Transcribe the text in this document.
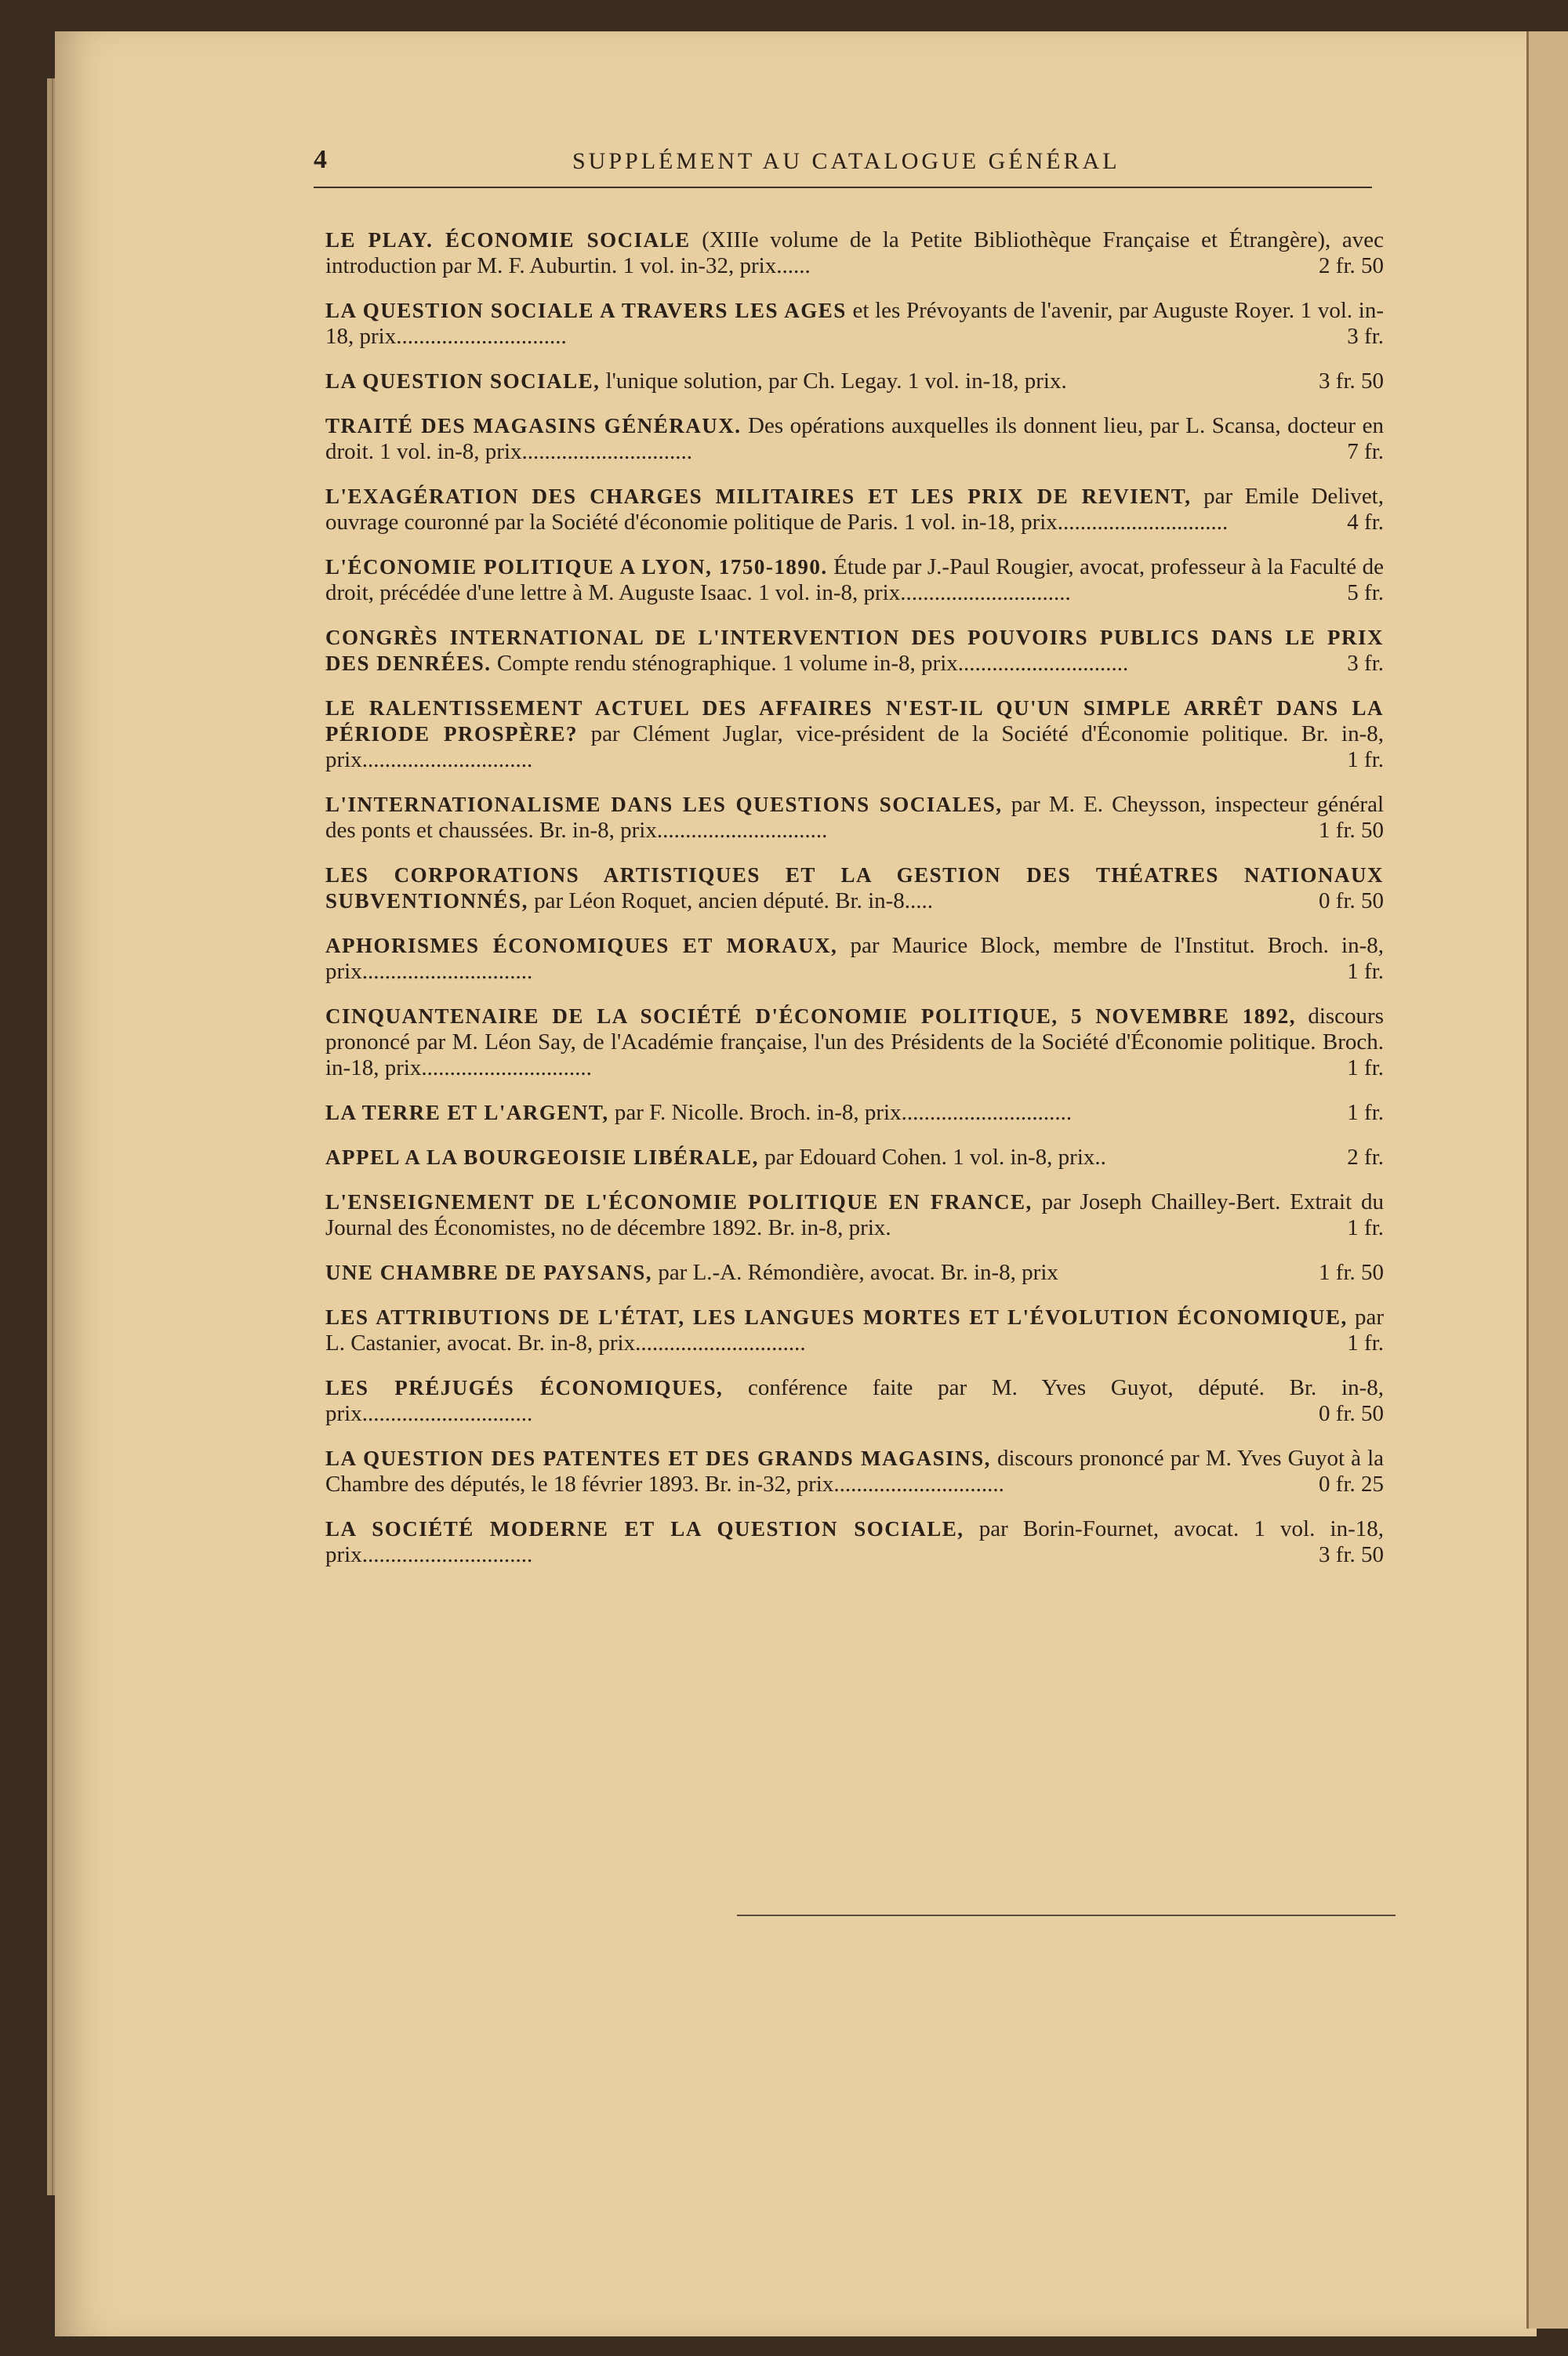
4	SUPPLÉMENT AU CATALOGUE GÉNÉRAL
LE PLAY. ÉCONOMIE SOCIALE (XIIIe volume de la Petite Bibliothèque Française et Étrangère), avec introduction par M. F. Auburtin. 1 vol. in-32, prix......	2 fr. 50
LA QUESTION SOCIALE A TRAVERS LES AGES et les Prévoyants de l'avenir, par Auguste Royer. 1 vol. in-18, prix..............................	3 fr.
LA QUESTION SOCIALE, l'unique solution, par Ch. Legay. 1 vol. in-18, prix.	3 fr. 50
TRAITÉ DES MAGASINS GÉNÉRAUX. Des opérations auxquelles ils donnent lieu, par L. Scansa, docteur en droit. 1 vol. in-8, prix..............................	7 fr.
L'EXAGÉRATION DES CHARGES MILITAIRES ET LES PRIX DE REVIENT, par Emile Delivet, ouvrage couronné par la Société d'économie politique de Paris. 1 vol. in-18, prix..............................	4 fr.
L'ÉCONOMIE POLITIQUE A LYON, 1750-1890. Étude par J.-Paul Rougier, avocat, professeur à la Faculté de droit, précédée d'une lettre à M. Auguste Isaac. 1 vol. in-8, prix..............................	5 fr.
CONGRÈS INTERNATIONAL DE L'INTERVENTION DES POUVOIRS PUBLICS DANS LE PRIX DES DENRÉES. Compte rendu sténographique. 1 volume in-8, prix..............................	3 fr.
LE RALENTISSEMENT ACTUEL DES AFFAIRES N'EST-IL QU'UN SIMPLE ARRÊT DANS LA PÉRIODE PROSPÈRE? par Clément Juglar, vice-président de la Société d'Économie politique. Br. in-8, prix..............................	1 fr.
L'INTERNATIONALISME DANS LES QUESTIONS SOCIALES, par M. E. Cheysson, inspecteur général des ponts et chaussées. Br. in-8, prix..............................	1 fr. 50
LES CORPORATIONS ARTISTIQUES ET LA GESTION DES THÉATRES NATIONAUX SUBVENTIONNÉS, par Léon Roquet, ancien député. Br. in-8.....	0 fr. 50
APHORISMES ÉCONOMIQUES ET MORAUX, par Maurice Block, membre de l'Institut. Broch. in-8, prix..............................	1 fr.
CINQUANTENAIRE DE LA SOCIÉTÉ D'ÉCONOMIE POLITIQUE, 5 NOVEMBRE 1892, discours prononcé par M. Léon Say, de l'Académie française, l'un des Présidents de la Société d'Économie politique. Broch. in-18, prix..............................	1 fr.
LA TERRE ET L'ARGENT, par F. Nicolle. Broch. in-8, prix..............................	1 fr.
APPEL A LA BOURGEOISIE LIBÉRALE, par Edouard Cohen. 1 vol. in-8, prix..	2 fr.
L'ENSEIGNEMENT DE L'ÉCONOMIE POLITIQUE EN FRANCE, par Joseph Chailley-Bert. Extrait du Journal des Économistes, no de décembre 1892. Br. in-8, prix.	1 fr.
UNE CHAMBRE DE PAYSANS, par L.-A. Rémondière, avocat. Br. in-8, prix	1 fr. 50
LES ATTRIBUTIONS DE L'ÉTAT, LES LANGUES MORTES ET L'ÉVOLUTION ÉCONOMIQUE, par L. Castanier, avocat. Br. in-8, prix..............................	1 fr.
LES PRÉJUGÉS ÉCONOMIQUES, conférence faite par M. Yves Guyot, député. Br. in-8, prix..............................	0 fr. 50
LA QUESTION DES PATENTES ET DES GRANDS MAGASINS, discours prononcé par M. Yves Guyot à la Chambre des députés, le 18 février 1893. Br. in-32, prix..............................	0 fr. 25
LA SOCIÉTÉ MODERNE ET LA QUESTION SOCIALE, par Borin-Fournet, avocat. 1 vol. in-18, prix..............................	3 fr. 50
